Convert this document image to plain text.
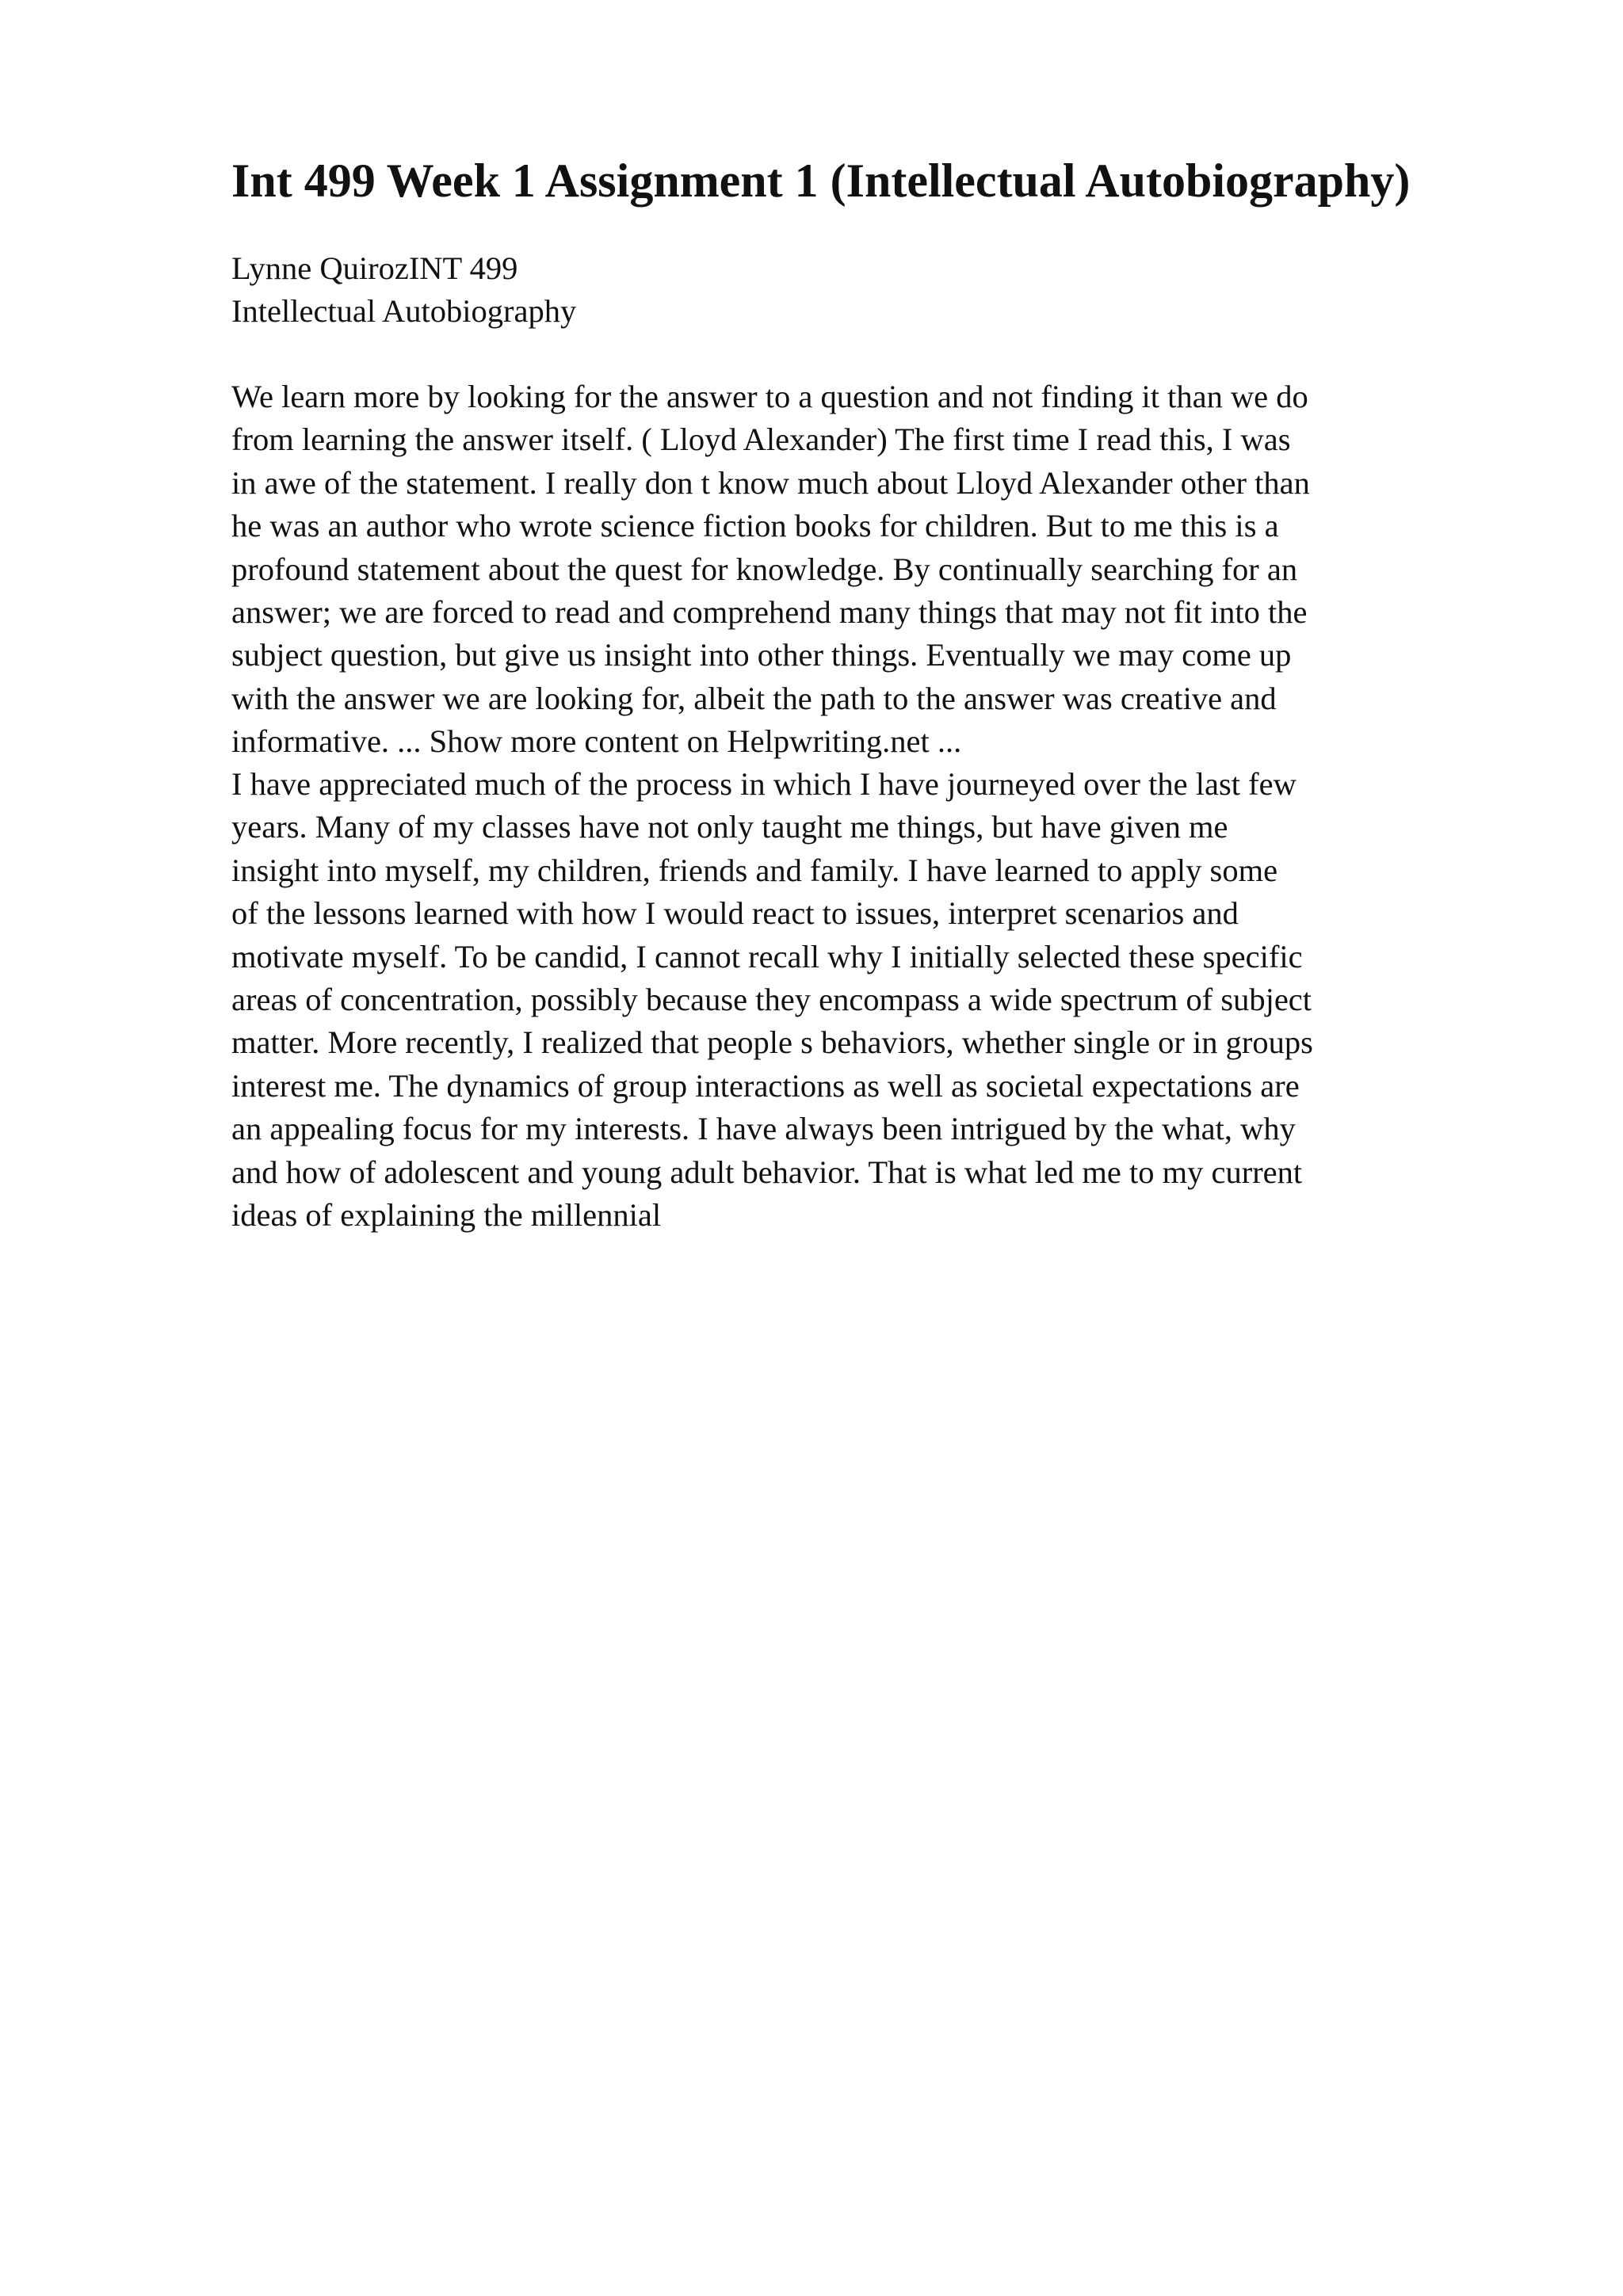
Int 499 Week 1 Assignment 1 (Intellectual Autobiography)
Lynne QuirozINT 499
Intellectual Autobiography
We learn more by looking for the answer to a question and not finding it than we do
from learning the answer itself. ( Lloyd Alexander) The first time I read this, I was
in awe of the statement. I really don t know much about Lloyd Alexander other than
he was an author who wrote science fiction books for children. But to me this is a
profound statement about the quest for knowledge. By continually searching for an
answer; we are forced to read and comprehend many things that may not fit into the
subject question, but give us insight into other things. Eventually we may come up
with the answer we are looking for, albeit the path to the answer was creative and
informative. ... Show more content on Helpwriting.net ...
I have appreciated much of the process in which I have journeyed over the last few
years. Many of my classes have not only taught me things, but have given me
insight into myself, my children, friends and family. I have learned to apply some
of the lessons learned with how I would react to issues, interpret scenarios and
motivate myself. To be candid, I cannot recall why I initially selected these specific
areas of concentration, possibly because they encompass a wide spectrum of subject
matter. More recently, I realized that people s behaviors, whether single or in groups
interest me. The dynamics of group interactions as well as societal expectations are
an appealing focus for my interests. I have always been intrigued by the what, why
and how of adolescent and young adult behavior. That is what led me to my current
ideas of explaining the millennial
